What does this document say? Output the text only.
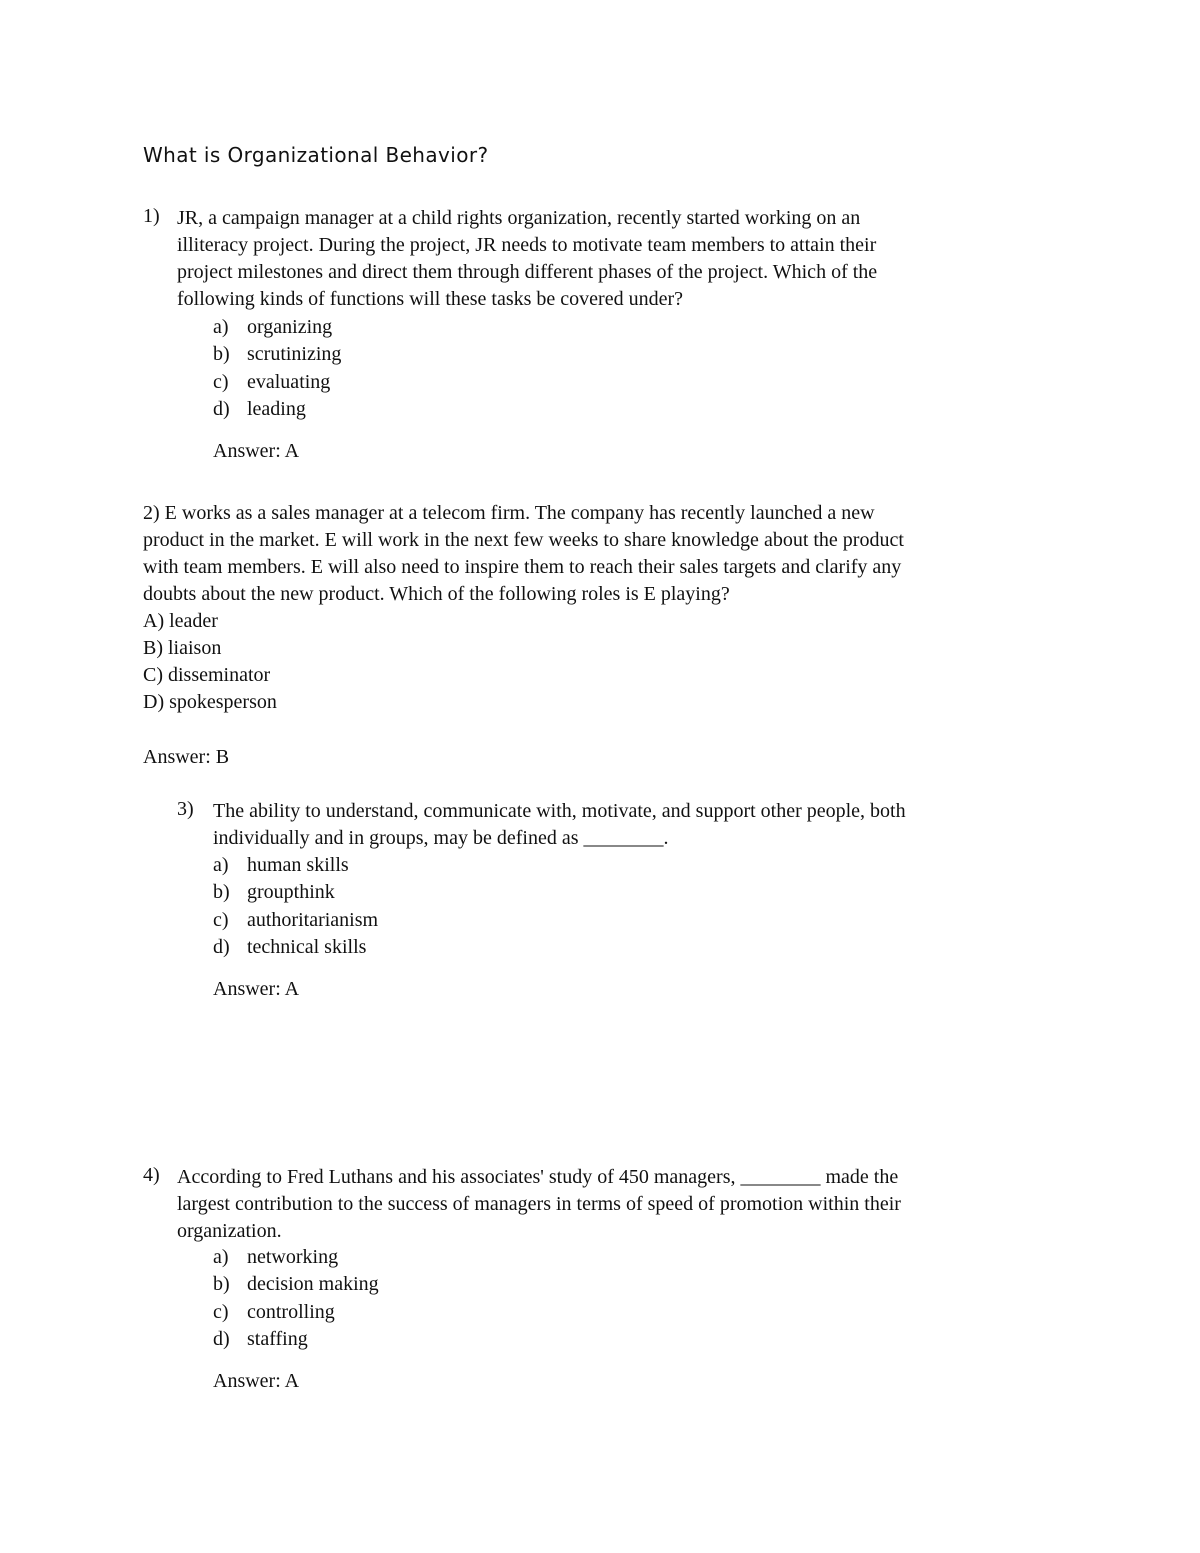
What is Organizational Behavior?
1) JR, a campaign manager at a child rights organization, recently started working on an
illiteracy project. During the project, JR needs to motivate team members to attain their
project milestones and direct them through different phases of the project. Which of the
following kinds of functions will these tasks be covered under?
a) organizing
b) scrutinizing
c) evaluating
d) leading
Answer: A
2) E works as a sales manager at a telecom firm. The company has recently launched a new
product in the market. E will work in the next few weeks to share knowledge about the product
with team members. E will also need to inspire them to reach their sales targets and clarify any
doubts about the new product. Which of the following roles is E playing?
A) leader
B) liaison
C) disseminator
D) spokesperson
Answer: B
3) The ability to understand, communicate with, motivate, and support other people, both
individually and in groups, may be defined as ________.
a) human skills
b) groupthink
c) authoritarianism
d) technical skills
Answer: A
4) According to Fred Luthans and his associates' study of 450 managers, ________ made the
largest contribution to the success of managers in terms of speed of promotion within their
organization.
a) networking
b) decision making
c) controlling
d) staffing
Answer: A
